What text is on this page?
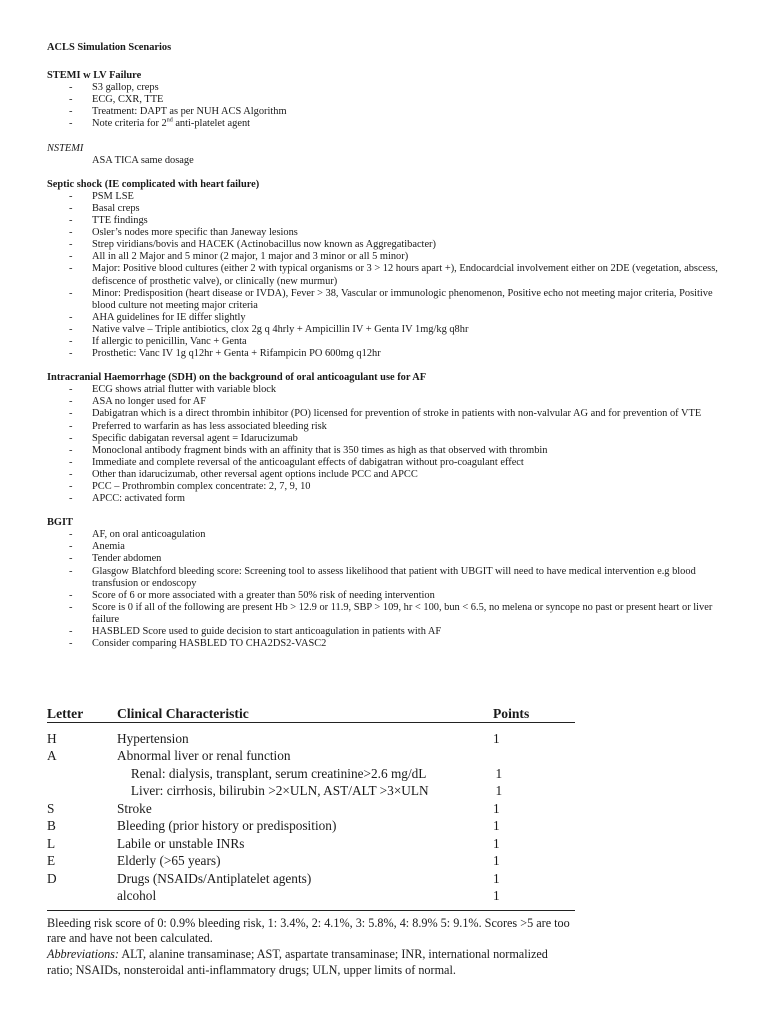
ACLS Simulation Scenarios
STEMI w LV Failure
- S3 gallop, creps
- ECG, CXR, TTE
- Treatment: DAPT as per NUH ACS Algorithm
- Note criteria for 2nd anti-platelet agent
NSTEMI
ASA TICA same dosage
Septic shock (IE complicated with heart failure)
- PSM LSE
- Basal creps
- TTE findings
- Osler’s nodes more specific than Janeway lesions
- Strep viridians/bovis and HACEK (Actinobacillus now known as Aggregatibacter)
- All in all 2 Major and 5 minor (2 major, 1 major and 3 minor or all 5 minor)
- Major: Positive blood cultures (either 2 with typical organisms or 3 > 12 hours apart +), Endocardcial involvement either on 2DE (vegetation, abscess, defiscence of prosthetic valve), or clinically (new murmur)
- Minor: Predisposition (heart disease or IVDA), Fever > 38, Vascular or immunologic phenomenon, Positive echo not meeting major criteria, Positive blood culture not meeting major criteria
- AHA guidelines for IE differ slightly
- Native valve – Triple antibiotics, clox 2g q 4hrly + Ampicillin IV + Genta IV 1mg/kg q8hr
- If allergic to penicillin, Vanc + Genta
- Prosthetic: Vanc IV 1g q12hr + Genta + Rifampicin PO 600mg q12hr
Intracranial Haemorrhage (SDH) on the background of oral anticoagulant use for AF
- ECG shows atrial flutter with variable block
- ASA no longer used for AF
- Dabigatran which is a direct thrombin inhibitor (PO) licensed for prevention of stroke in patients with non-valvular AG and for prevention of VTE
- Preferred to warfarin as has less associated bleeding risk
- Specific dabigatan reversal agent = Idarucizumab
- Monoclonal antibody fragment binds with an affinity that is 350 times as high as that observed with thrombin
- Immediate and complete reversal of the anticoagulant effects of dabigatran without pro-coagulant effect
- Other than idarucizumab, other reversal agent options include PCC and APCC
- PCC – Prothrombin complex concentrate: 2, 7, 9, 10
- APCC: activated form
BGIT
- AF, on oral anticoagulation
- Anemia
- Tender abdomen
- Glasgow Blatchford bleeding score: Screening tool to assess likelihood that patient with UBGIT will need to have medical intervention e.g blood transfusion or endoscopy
- Score of 6 or more associated with a greater than 50% risk of needing intervention
- Score is 0 if all of the following are present Hb > 12.9 or 11.9, SBP > 109, hr < 100, bun < 6.5, no melena or syncope no past or present heart or liver failure
- HASBLED Score used to guide decision to start anticoagulation in patients with AF
- Consider comparing HASBLED TO CHA2DS2-VASC2
Letter	Clinical Characteristic	Points
H	Hypertension	1
A	Abnormal liver or renal function
Renal: dialysis, transplant, serum creatinine>2.6 mg/dL	1
Liver: cirrhosis, bilirubin >2×ULN, AST/ALT >3×ULN	1
S	Stroke	1
B	Bleeding (prior history or predisposition)	1
L	Labile or unstable INRs	1
E	Elderly (>65 years)	1
D	Drugs (NSAIDs/Antiplatelet agents)	1
alcohol	1
Bleeding risk score of 0: 0.9% bleeding risk, 1: 3.4%, 2: 4.1%, 3: 5.8%, 4: 8.9% 5: 9.1%. Scores >5 are too rare and have not been calculated.
Abbreviations: ALT, alanine transaminase; AST, aspartate transaminase; INR, international normalized ratio; NSAIDs, nonsteroidal anti-inflammatory drugs; ULN, upper limits of normal.
